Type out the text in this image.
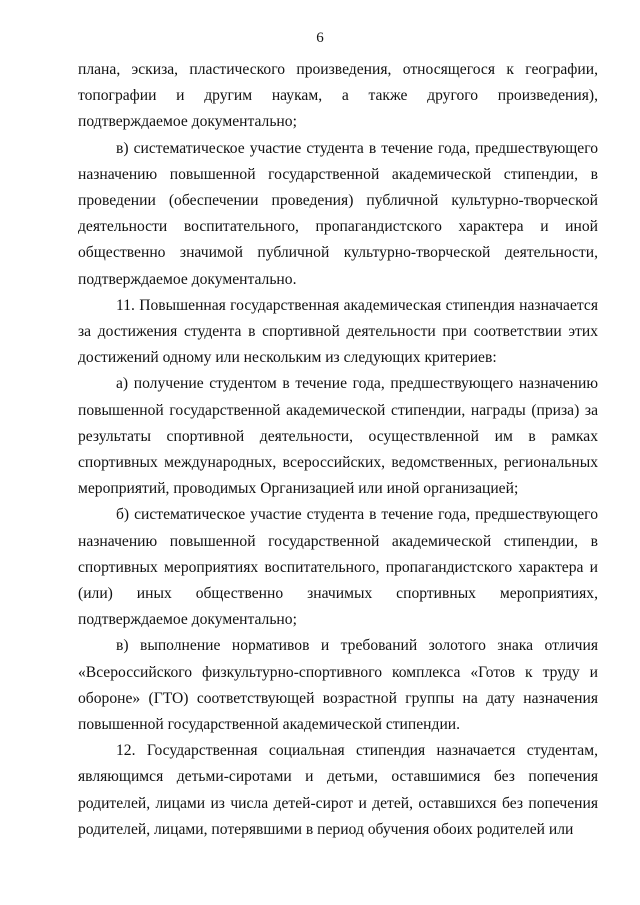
6

плана, эскиза, пластического произведения, относящегося к географии, топографии и другим наукам, а также другого произведения), подтверждаемое документально;

в) систематическое участие студента в течение года, предшествующего назначению повышенной государственной академической стипендии, в проведении (обеспечении проведения) публичной культурно-творческой деятельности воспитательного, пропагандистского характера и иной общественно значимой публичной культурно-творческой деятельности, подтверждаемое документально.

11. Повышенная государственная академическая стипендия назначается за достижения студента в спортивной деятельности при соответствии этих достижений одному или нескольким из следующих критериев:

а) получение студентом в течение года, предшествующего назначению повышенной государственной академической стипендии, награды (приза) за результаты спортивной деятельности, осуществленной им в рамках спортивных международных, всероссийских, ведомственных, региональных мероприятий, проводимых Организацией или иной организацией;

б) систематическое участие студента в течение года, предшествующего назначению повышенной государственной академической стипендии, в спортивных мероприятиях воспитательного, пропагандистского характера и (или) иных общественно значимых спортивных мероприятиях, подтверждаемое документально;

в) выполнение нормативов и требований золотого знака отличия «Всероссийского физкультурно-спортивного комплекса «Готов к труду и обороне» (ГТО) соответствующей возрастной группы на дату назначения повышенной государственной академической стипендии.

12. Государственная социальная стипендия назначается студентам, являющимся детьми-сиротами и детьми, оставшимися без попечения родителей, лицами из числа детей-сирот и детей, оставшихся без попечения родителей, лицами, потерявшими в период обучения обоих родителей или
